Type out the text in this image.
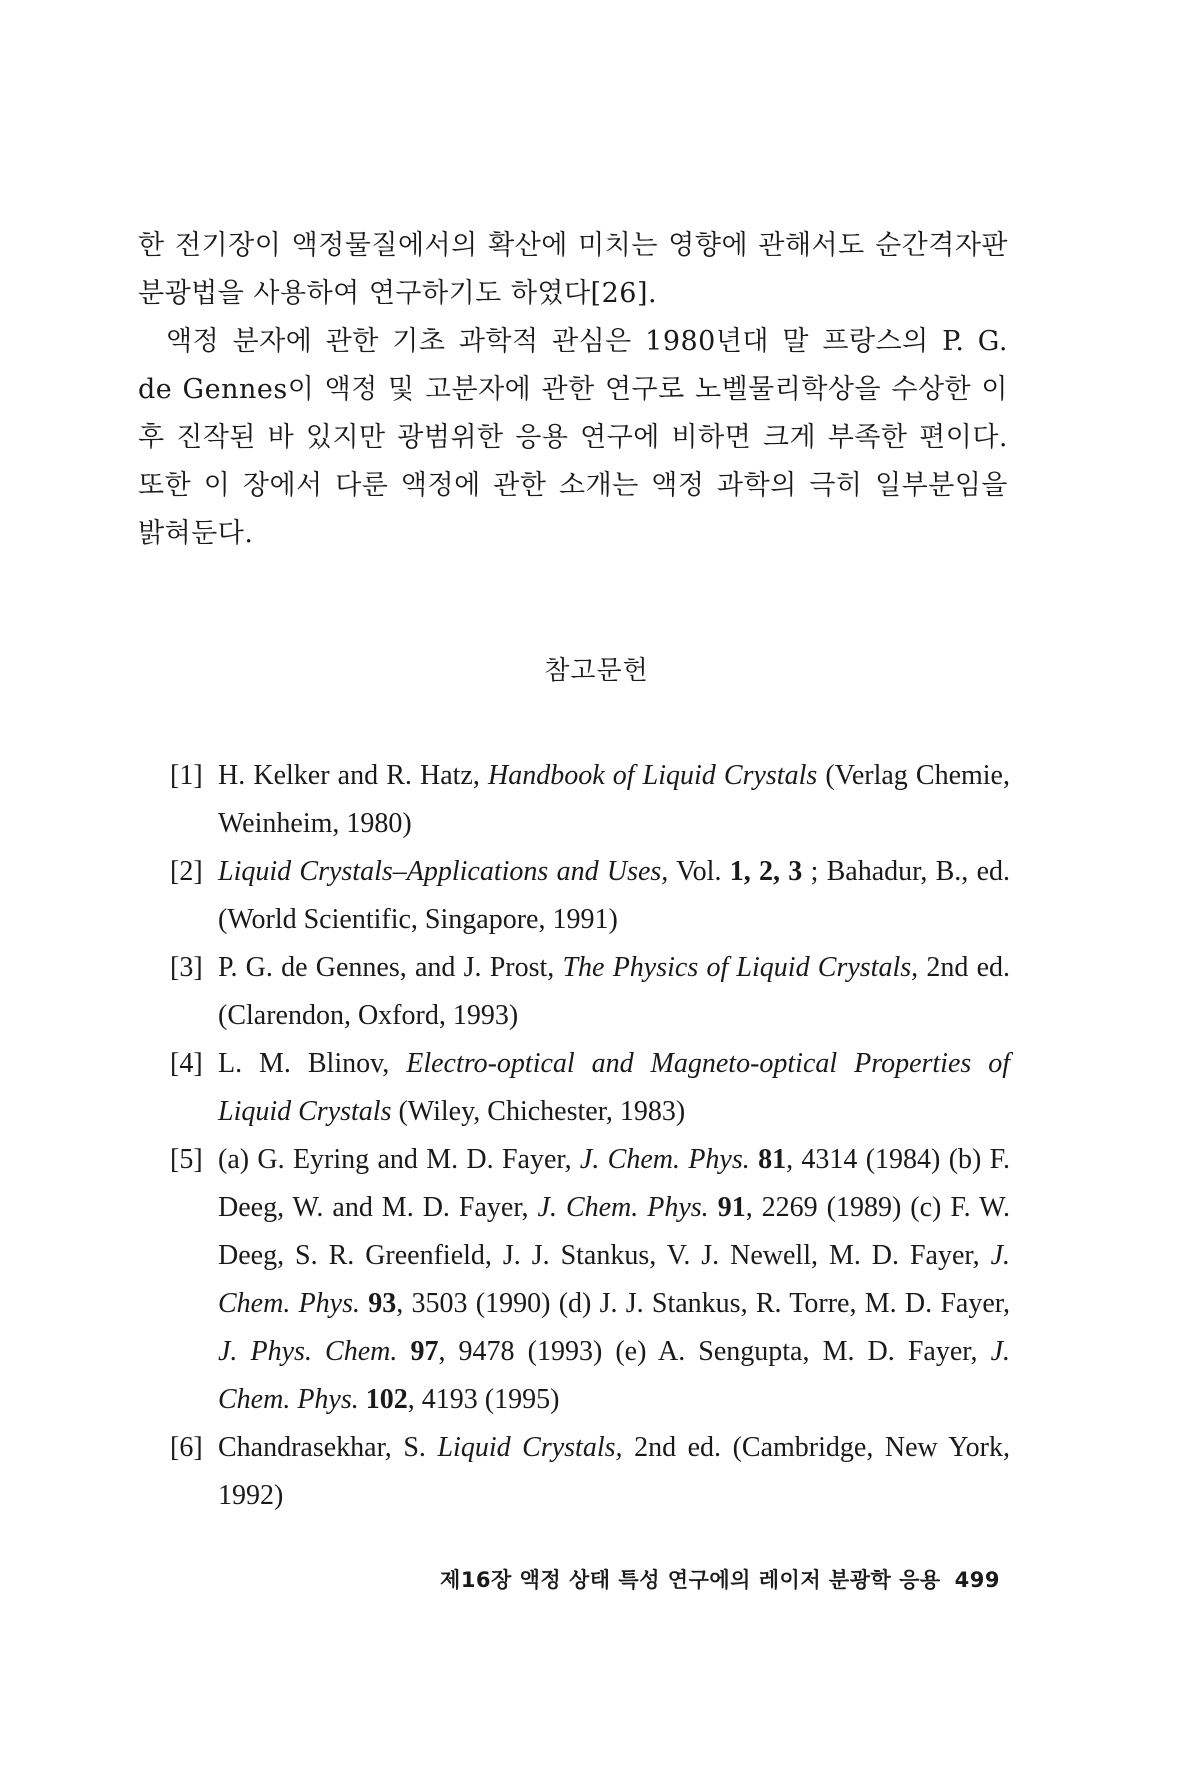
한 전기장이 액정물질에서의 확산에 미치는 영향에 관해서도 순간격자판 분광법을 사용하여 연구하기도 하였다[26].

액정 분자에 관한 기초 과학적 관심은 1980년대 말 프랑스의 P. G. de Gennes이 액정 및 고분자에 관한 연구로 노벨물리학상을 수상한 이후 진작된 바 있지만 광범위한 응용 연구에 비하면 크게 부족한 편이다. 또한 이 장에서 다룬 액정에 관한 소개는 액정 과학의 극히 일부분임을 밝혀둔다.

참고문헌
[1] H. Kelker and R. Hatz, Handbook of Liquid Crystals (Verlag Chemie, Weinheim, 1980)
[2] Liquid Crystals–Applications and Uses, Vol. 1, 2, 3 ; Bahadur, B., ed. (World Scientific, Singapore, 1991)
[3] P. G. de Gennes, and J. Prost, The Physics of Liquid Crystals, 2nd ed. (Clarendon, Oxford, 1993)
[4] L. M. Blinov, Electro-optical and Magneto-optical Properties of Liquid Crystals (Wiley, Chichester, 1983)
[5] (a) G. Eyring and M. D. Fayer, J. Chem. Phys. 81, 4314 (1984) (b) F. Deeg, W. and M. D. Fayer, J. Chem. Phys. 91, 2269 (1989) (c) F. W. Deeg, S. R. Greenfield, J. J. Stankus, V. J. Newell, M. D. Fayer, J. Chem. Phys. 93, 3503 (1990) (d) J. J. Stankus, R. Torre, M. D. Fayer, J. Phys. Chem. 97, 9478 (1993) (e) A. Sengupta, M. D. Fayer, J. Chem. Phys. 102, 4193 (1995)
[6] Chandrasekhar, S. Liquid Crystals, 2nd ed. (Cambridge, New York, 1992)
제16장 액정 상태 특성 연구에의 레이저 분광학 응용 499
